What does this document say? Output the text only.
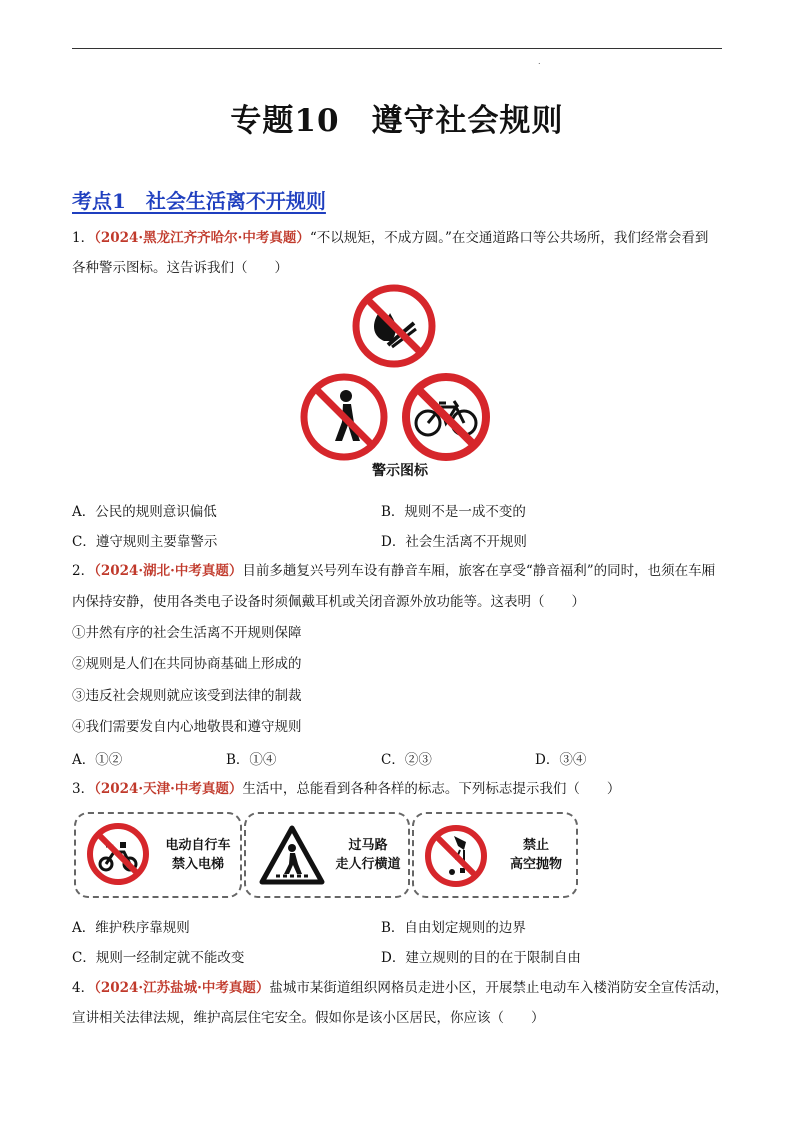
.
专题10　遵守社会规则
考点1　社会生活离不开规则
1．（2024·黑龙江齐齐哈尔·中考真题）“不以规矩，不成方圆。”在交通道路口等公共场所，我们经常会看到
各种警示图标。这告诉我们（　　）
警示图标
A．公民的规则意识偏低	B．规则不是一成不变的
C．遵守规则主要靠警示	D．社会生活离不开规则
2．（2024·湖北·中考真题）目前多趟复兴号列车设有静音车厢，旅客在享受“静音福利”的同时，也须在车厢
内保持安静，使用各类电子设备时须佩戴耳机或关闭音源外放功能等。这表明（　　）
①井然有序的社会生活离不开规则保障
②规则是人们在共同协商基础上形成的
③违反社会规则就应该受到法律的制裁
④我们需要发自内心地敬畏和遵守规则
A．①②	B．①④	C．②③	D．③④
3．（2024·天津·中考真题）生活中，总能看到各种各样的标志。下列标志提示我们（　　）
电动自行车
禁入电梯
过马路
走人行横道
禁止
高空抛物
A．维护秩序靠规则	B．自由划定规则的边界
C．规则一经制定就不能改变	D．建立规则的目的在于限制自由
4．（2024·江苏盐城·中考真题）盐城市某街道组织网格员走进小区，开展禁止电动车入楼消防安全宣传活动，
宣讲相关法律法规，维护高层住宅安全。假如你是该小区居民，你应该（　　）
